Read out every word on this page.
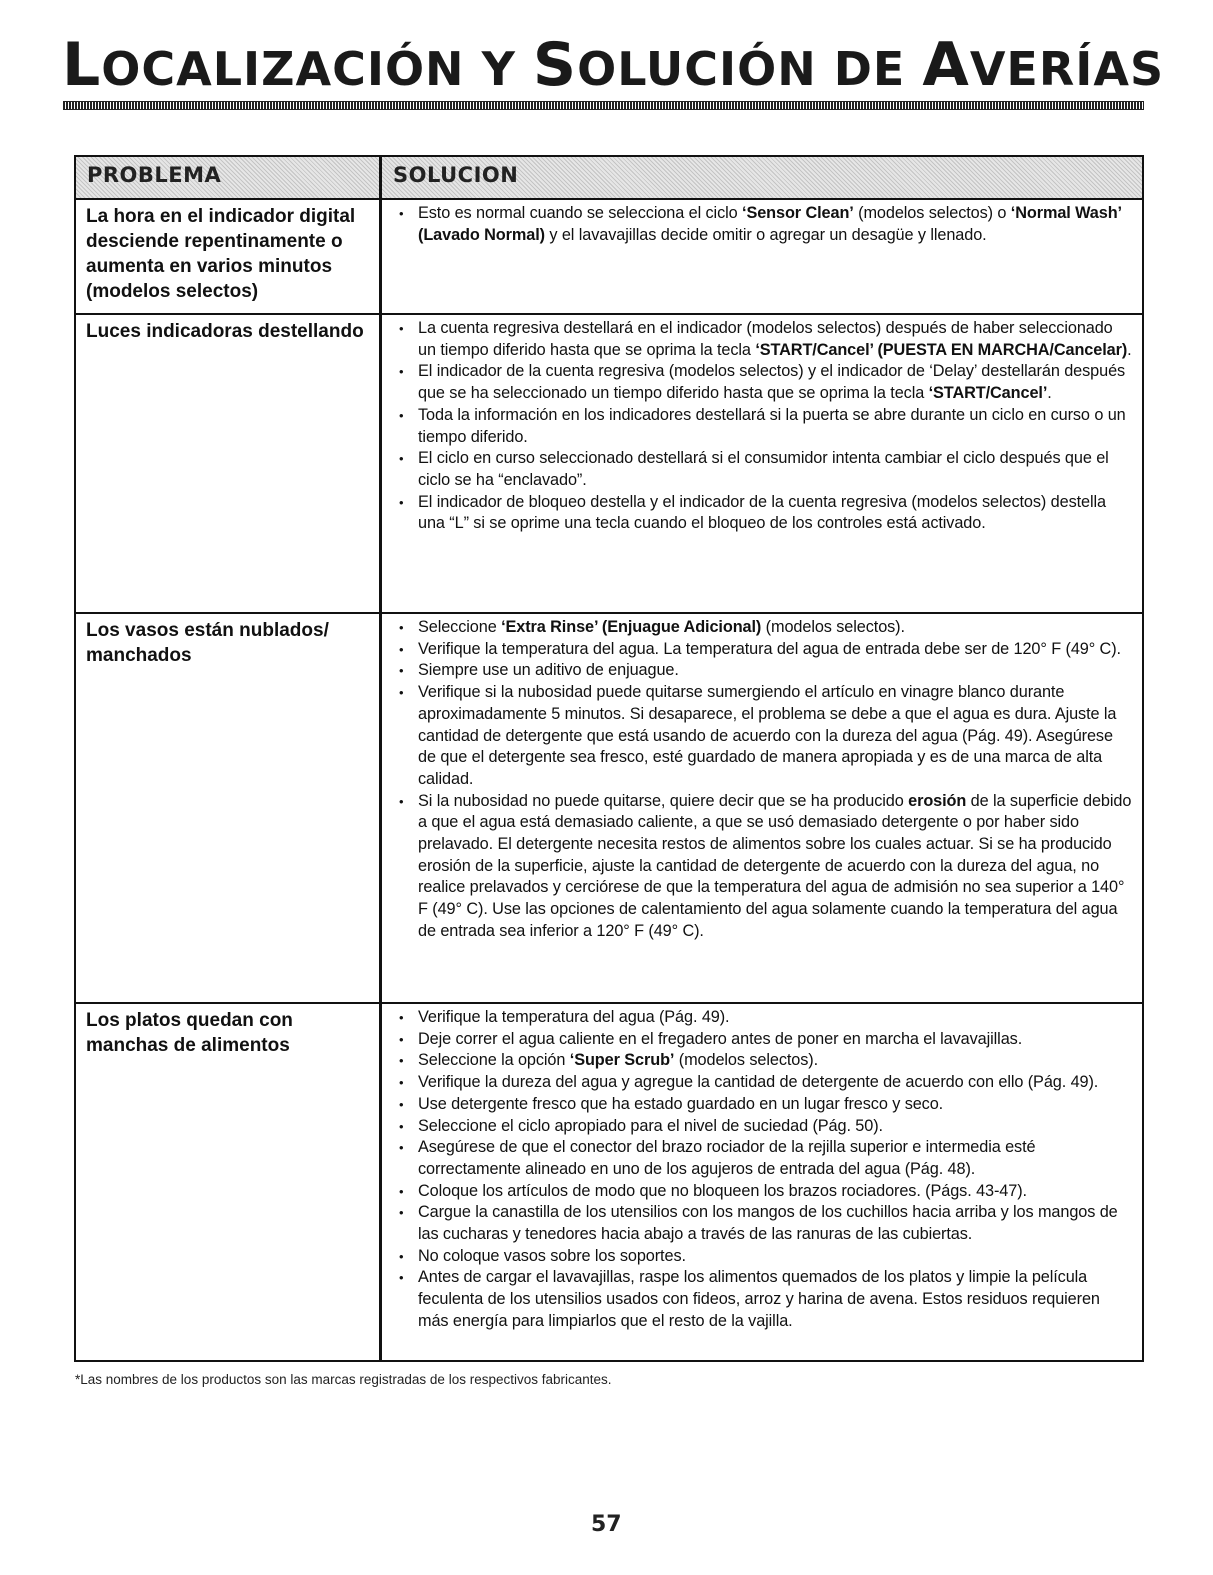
LOCALIZACIÓN Y SOLUCIÓN DE AVERÍAS
PROBLEMA	SOLUCION
La hora en el indicador digital desciende repentinamente o aumenta en varios minutos (modelos selectos)
• Esto es normal cuando se selecciona el ciclo ‘Sensor Clean’ (modelos selectos) o ‘Normal Wash’ (Lavado Normal) y el lavavajillas decide omitir o agregar un desagüe y llenado.
Luces indicadoras destellando
•	La cuenta regresiva destellará en el indicador (modelos selectos) después de haber seleccionado un tiempo diferido hasta que se oprima la tecla ‘START/Cancel’ (PUESTA EN MARCHA/Cancelar).
• El indicador de la cuenta regresiva (modelos selectos) y el indicador de ‘Delay’ destellarán después que se ha seleccionado un tiempo diferido hasta que se oprima la tecla ‘START/Cancel’.
• Toda la información en los indicadores destellará si la puerta se abre durante un ciclo en curso o un tiempo diferido.
• El ciclo en curso seleccionado destellará si el consumidor intenta cambiar el ciclo después que el ciclo se ha “enclavado”.
• El indicador de bloqueo destella y el indicador de la cuenta regresiva (modelos selectos) destella una “L” si se oprime una tecla cuando el bloqueo de los controles está activado.
Los vasos están nublados/ manchados
• Seleccione ‘Extra Rinse’ (Enjuague Adicional) (modelos selectos).
• Verifique la temperatura del agua. La temperatura del agua de entrada debe ser de 120° F (49° C).
• Siempre use un aditivo de enjuague.
• Verifique si la nubosidad puede quitarse sumergiendo el artículo en vinagre blanco durante aproximadamente 5 minutos. Si desaparece, el problema se debe a que el agua es dura. Ajuste la cantidad de detergente que está usando de acuerdo con la dureza del agua (Pág. 49). Asegúrese de que el detergente sea fresco, esté guardado de manera apropiada y es de una marca de alta calidad.
• Si la nubosidad no puede quitarse, quiere decir que se ha producido erosión de la superficie debido a que el agua está demasiado caliente, a que se usó demasiado detergente o por haber sido prelavado. El detergente necesita restos de alimentos sobre los cuales actuar. Si se ha producido erosión de la superficie, ajuste la cantidad de detergente de acuerdo con la dureza del agua, no realice prelavados y cerciórese de que la temperatura del agua de admisión no sea superior a 140° F (49° C). Use las opciones de calentamiento del agua solamente cuando la temperatura del agua de entrada sea inferior a 120° F (49° C).
Los platos quedan con manchas de alimentos
• Verifique la temperatura del agua (Pág. 49).
• Deje correr el agua caliente en el fregadero antes de poner en marcha el lavavajillas.
• Seleccione la opción ‘Super Scrub’ (modelos selectos).
• Verifique la dureza del agua y agregue la cantidad de detergente de acuerdo con ello (Pág. 49).
• Use detergente fresco que ha estado guardado en un lugar fresco y seco.
• Seleccione el ciclo apropiado para el nivel de suciedad (Pág. 50).
• Asegúrese de que el conector del brazo rociador de la rejilla superior e intermedia esté correctamente alineado en uno de los agujeros de entrada del agua (Pág. 48).
• Coloque los artículos de modo que no bloqueen los brazos rociadores. (Págs. 43-47).
• Cargue la canastilla de los utensilios con los mangos de los cuchillos hacia arriba y los mangos de las cucharas y tenedores hacia abajo a través de las ranuras de las cubiertas.
• No coloque vasos sobre los soportes.
• Antes de cargar el lavavajillas, raspe los alimentos quemados de los platos y limpie la película feculenta de los utensilios usados con fideos, arroz y harina de avena. Estos residuos requieren más energía para limpiarlos que el resto de la vajilla.
*Las nombres de los productos son las marcas registradas de los respectivos fabricantes.
57
